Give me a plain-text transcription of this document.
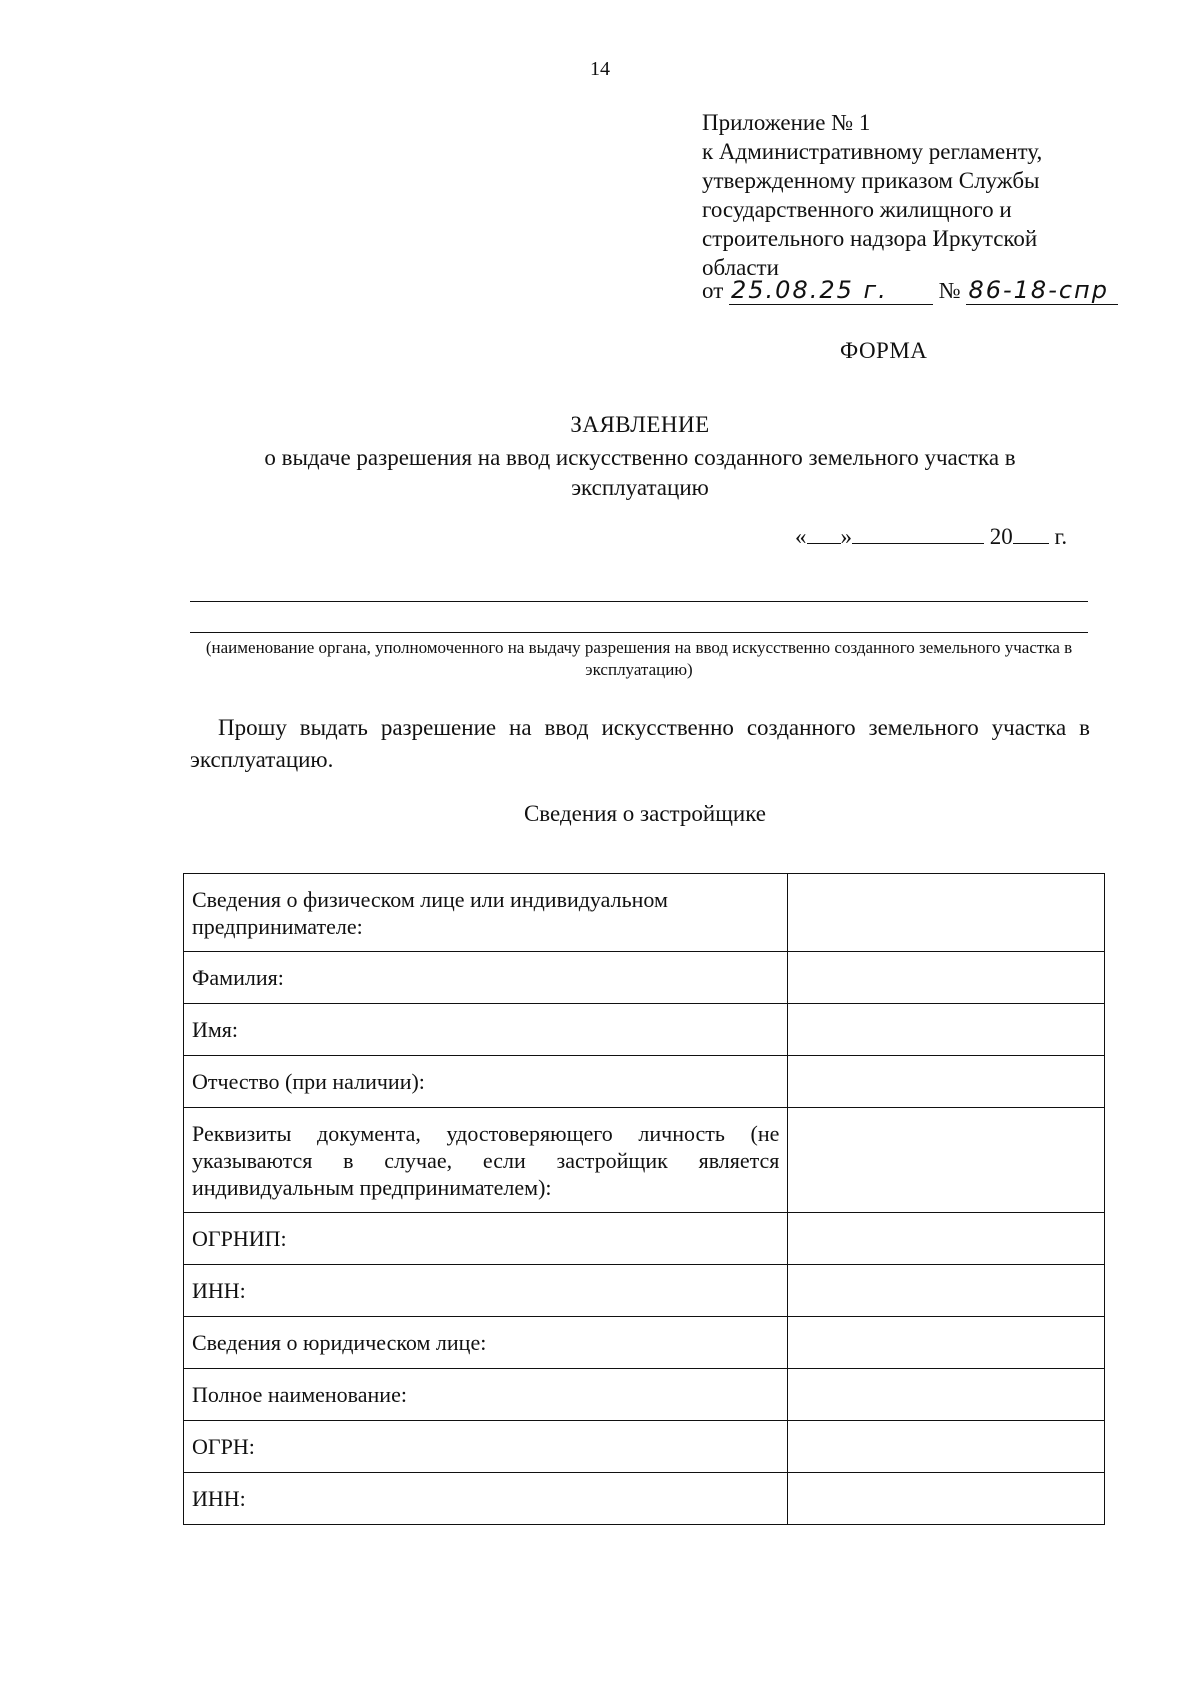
14
Приложение № 1
к Административному регламенту,
утвержденному приказом Службы
государственного жилищного и
строительного надзора Иркутской
области
от 25.08.25 г. № 86-18-спр
ФОРМА
ЗАЯВЛЕНИЕ
о выдаче разрешения на ввод искусственно созданного земельного участка в эксплуатацию
« »	20 г.
(наименование органа, уполномоченного на выдачу разрешения на ввод искусственно созданного земельного участка в эксплуатацию)
Прошу выдать разрешение на ввод искусственно созданного земельного участка в эксплуатацию.
Сведения о застройщике
Сведения о физическом лице или индивидуальном предпринимателе:	
Фамилия:	
Имя:	
Отчество (при наличии):	
Реквизиты документа, удостоверяющего личность (не указываются в случае, если застройщик является индивидуальным предпринимателем):	
ОГРНИП:	
ИНН:	
Сведения о юридическом лице:	
Полное наименование:	
ОГРН:	
ИНН:	
